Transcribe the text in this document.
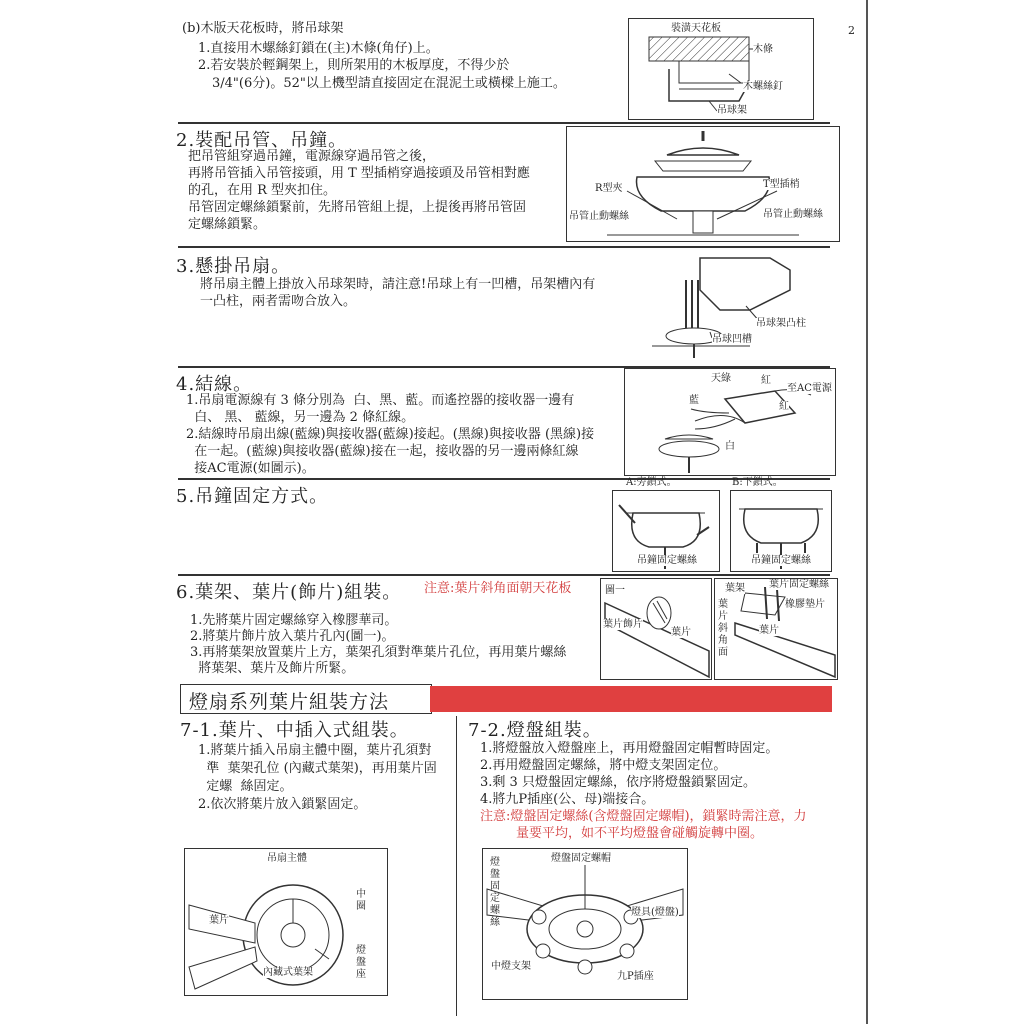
2
(b)木版天花板時，將吊球架
1.直接用木螺絲釘鎖在(主)木條(角仔)上。
2.若安裝於輕鋼架上，則所架用的木板厚度，不得少於
3/4"(6分)。52"以上機型請直接固定在混泥土或橫樑上施工。
裝潢天花板
木條
木螺絲釘
吊球架
2.裝配吊管、吊鐘。
把吊管組穿過吊鐘，電源線穿過吊管之後，
再將吊管插入吊管接頭，用 T 型插梢穿過接頭及吊管相對應
的孔，在用 R 型夾扣住。
吊管固定螺絲鎖緊前，先將吊管組上提，上提後再將吊管固
定螺絲鎖緊。
R型夾	T型插梢
吊管止動螺絲	吊管止動螺絲
3.懸掛吊扇。
將吊扇主體上掛放入吊球架時，請注意!吊球上有一凹槽，吊架槽內有
一凸柱，兩者需吻合放入。
吊球架凸柱
吊球凹槽
4.結線。
1.吊扇電源線有 3 條分別為  白、黑、藍。而遙控器的接收器一邊有
白、 黑、 藍線，另一邊為 2 條紅線。
2.結線時吊扇出線(藍線)與接收器(藍線)接起。(黑線)與接收器 (黑線)接
在一起。(藍線)與接收器(藍線)接在一起，接收器的另一邊兩條紅線
接AC電源(如圖示)。
天綠	紅
至AC電源
藍
紅
白
5.吊鐘固定方式。
A:旁鎖式。	B:下鎖式。
吊鐘固定螺絲	吊鐘固定螺絲
6.葉架、葉片(飾片)組裝。 注意:葉片斜角面朝天花板
1.先將葉片固定螺絲穿入橡膠華司。
2.將葉片飾片放入葉片孔內(圖一)。
3.再將葉架放置葉片上方，葉架孔須對準葉片孔位，再用葉片螺絲
將葉架、葉片及飾片所緊。
圖一
葉片飾片
葉片
葉架 葉片固定螺絲
橡膠墊片
葉片斜角面
葉片
燈扇系列葉片組裝方法
7-1.葉片、中插入式組裝。
1.將葉片插入吊扇主體中圈，葉片孔須對
準  葉架孔位 (內藏式葉架)，再用葉片固
定螺  絲固定。
2.依次將葉片放入鎖緊固定。
吊扇主體
中圈
葉片
燈盤座
內藏式葉架
7-2.燈盤組裝。
1.將燈盤放入燈盤座上，再用燈盤固定帽暫時固定。
2.再用燈盤固定螺絲，將中燈支架固定位。
3.剩 3 只燈盤固定螺絲，依序將燈盤鎖緊固定。
4.將九P插座(公、母)端接合。
注意:燈盤固定螺絲(含燈盤固定螺帽)，鎖緊時需注意，力
量要平均，如不平均燈盤會碰觸旋轉中圈。
燈盤固定螺帽
燈盤固定螺絲
燈具(燈盤)
中燈支架
九P插座
